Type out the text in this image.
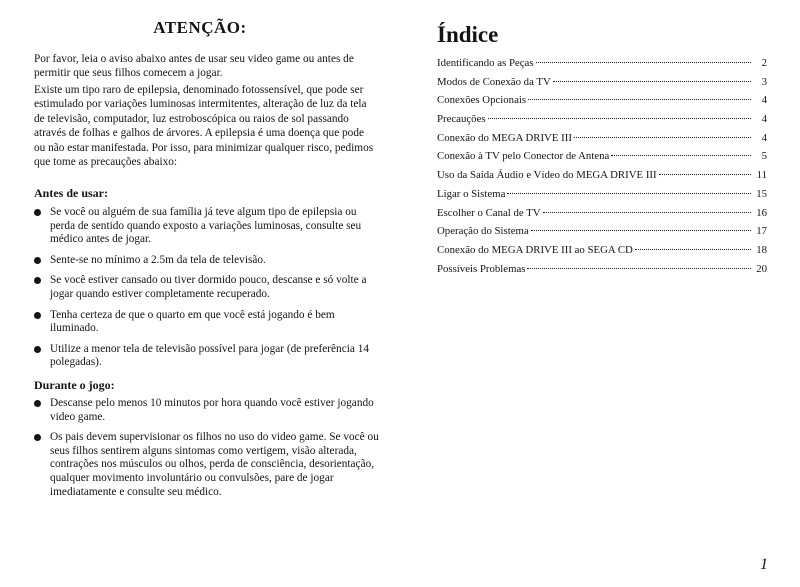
ATENÇÃO:

Por favor, leia o aviso abaixo antes de usar seu video game ou antes de permitir que seus filhos comecem a jogar.

Existe um tipo raro de epilepsia, denominado fotossensível, que pode ser estimulado por variações luminosas intermitentes, alteração de luz da tela de televisão, computador, luz estroboscópica ou raios de sol passando através de folhas e galhos de árvores. A epilepsia é uma doença que pode ou não estar manifestada. Por isso, para minimizar qualquer risco, pedimos que tome as precauções abaixo:

Antes de usar:
Se você ou alguém de sua família já teve algum tipo de epilepsia ou perda de sentido quando exposto a variações luminosas, consulte seu médico antes de jogar.
Sente-se no mínimo a 2.5m da tela de televisão.
Se você estiver cansado ou tiver dormido pouco, descanse e só volte a jogar quando estiver completamente recuperado.
Tenha certeza de que o quarto em que você está jogando é bem iluminado.
Utilize a menor tela de televisão possível para jogar (de preferência 14 polegadas).
Durante o jogo:
Descanse pelo menos 10 minutos por hora quando você estiver jogando video game.
Os pais devem supervisionar os filhos no uso do video game. Se você ou seus filhos sentirem alguns sintomas como vertigem, visão alterada, contrações nos músculos ou olhos, perda de consciência, desorientação, qualquer movimento involuntário ou convulsões, pare de jogar imediatamente e consulte seu médico.
Índice
Identificando as Peças	2
Modos de Conexão da TV	3
Conexões Opcionais	4
Precauções	4
Conexão do MEGA DRIVE III	4
Conexão à TV pelo Conector de Antena	5
Uso da Saída Áudio e Vídeo do MEGA DRIVE III	11
Ligar o Sistema	15
Escolher o Canal de TV	16
Operação do Sistema	17
Conexão do MEGA DRIVE III ao SEGA CD	18
Possíveis Problemas	20
1
